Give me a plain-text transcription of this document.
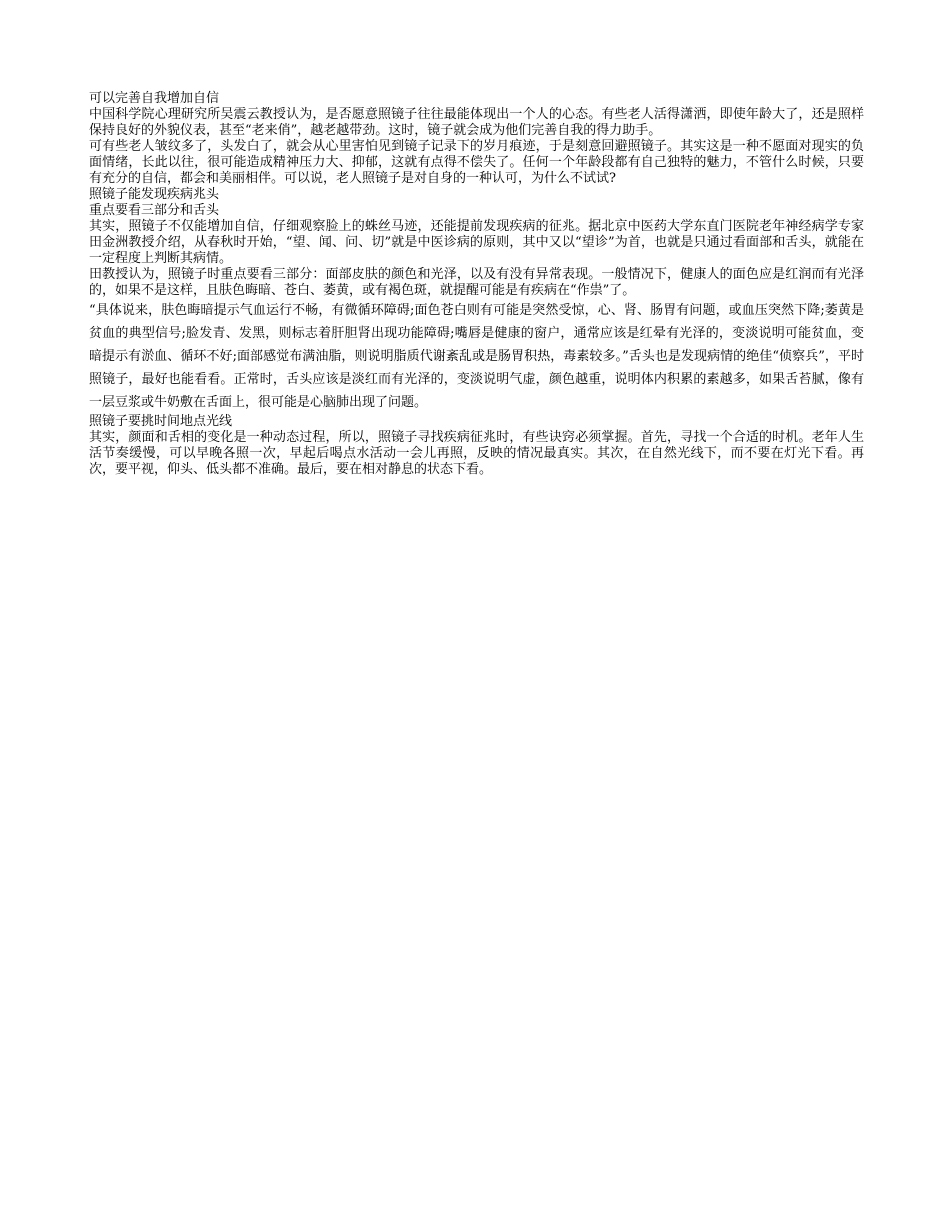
可以完善自我增加自信

中国科学院心理研究所吴震云教授认为，是否愿意照镜子往往最能体现出一个人的心态。有些老人活得潇洒，即使年龄大了，还是照样保持良好的外貌仪表，甚至“老来俏”，越老越带劲。这时，镜子就会成为他们完善自我的得力助手。

可有些老人皱纹多了，头发白了，就会从心里害怕见到镜子记录下的岁月痕迹，于是刻意回避照镜子。其实这是一种不愿面对现实的负面情绪，长此以往，很可能造成精神压力大、抑郁，这就有点得不偿失了。任何一个年龄段都有自己独特的魅力，不管什么时候，只要有充分的自信，都会和美丽相伴。可以说，老人照镜子是对自身的一种认可，为什么不试试?

照镜子能发现疾病兆头

重点要看三部分和舌头

其实，照镜子不仅能增加自信，仔细观察脸上的蛛丝马迹，还能提前发现疾病的征兆。据北京中医药大学东直门医院老年神经病学专家田金洲教授介绍，从春秋时开始，“望、闻、问、切”就是中医诊病的原则，其中又以“望诊”为首，也就是只通过看面部和舌头，就能在一定程度上判断其病情。

田教授认为，照镜子时重点要看三部分：面部皮肤的颜色和光泽，以及有没有异常表现。一般情况下，健康人的面色应是红润而有光泽的，如果不是这样，且肤色晦暗、苍白、萎黄，或有褐色斑，就提醒可能是有疾病在“作祟”了。

“具体说来，肤色晦暗提示气血运行不畅，有微循环障碍;面色苍白则有可能是突然受惊，心、肾、肠胃有问题，或血压突然下降;萎黄是贫血的典型信号;脸发青、发黑，则标志着肝胆肾出现功能障碍;嘴唇是健康的窗户，通常应该是红晕有光泽的，变淡说明可能贫血，变暗提示有淤血、循环不好;面部感觉布满油脂，则说明脂质代谢紊乱或是肠胃积热，毒素较多。”舌头也是发现病情的绝佳“侦察兵”，平时照镜子，最好也能看看。正常时，舌头应该是淡红而有光泽的，变淡说明气虚，颜色越重，说明体内积累的素越多，如果舌苔腻，像有一层豆浆或牛奶敷在舌面上，很可能是心脑肺出现了问题。

照镜子要挑时间地点光线

其实，颜面和舌相的变化是一种动态过程，所以，照镜子寻找疾病征兆时，有些诀窍必须掌握。首先，寻找一个合适的时机。老年人生活节奏缓慢，可以早晚各照一次，早起后喝点水活动一会儿再照，反映的情况最真实。其次，在自然光线下，而不要在灯光下看。再次，要平视，仰头、低头都不准确。最后，要在相对静息的状态下看。
